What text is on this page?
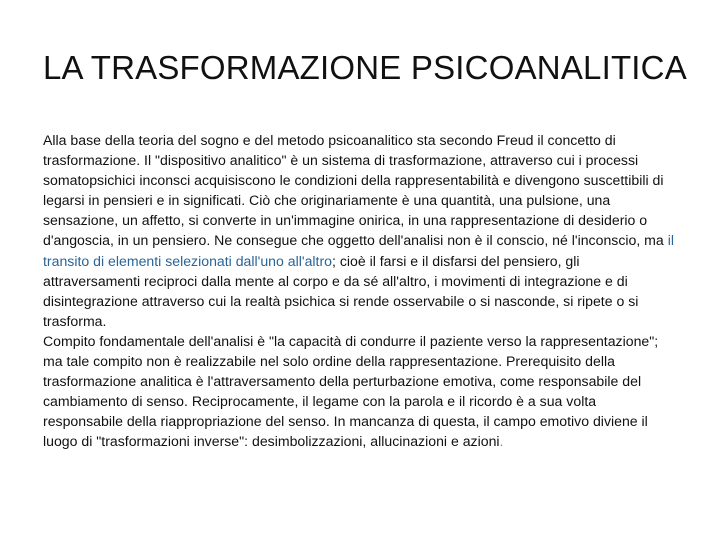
LA TRASFORMAZIONE PSICOANALITICA

Alla base della teoria del sogno e del metodo psicoanalitico sta secondo Freud il concetto di trasformazione. Il "dispositivo analitico" è un sistema di trasformazione, attraverso cui i processi somatopsichici inconsci acquisiscono le condizioni della rappresentabilità e divengono suscettibili di legarsi in pensieri e in significati. Ciò che originariamente è una quantità, una pulsione, una sensazione, un affetto, si converte in un'immagine onirica, in una rappresentazione di desiderio o d'angoscia, in un pensiero. Ne consegue che oggetto dell'analisi non è il conscio, né l'inconscio, ma il transito di elementi selezionati dall'uno all'altro; cioè il farsi e il disfarsi del pensiero, gli attraversamenti reciproci dalla mente al corpo e da sé all'altro, i movimenti di integrazione e di disintegrazione attraverso cui la realtà psichica si rende osservabile o si nasconde, si ripete o si trasforma.

Compito fondamentale dell'analisi è "la capacità di condurre il paziente verso la rappresentazione"; ma tale compito non è realizzabile nel solo ordine della rappresentazione. Prerequisito della trasformazione analitica è l'attraversamento della perturbazione emotiva, come responsabile del cambiamento di senso. Reciprocamente, il legame con la parola e il ricordo è a sua volta responsabile della riappropriazione del senso. In mancanza di questa, il campo emotivo diviene il luogo di "trasformazioni inverse": desimbolizzazioni, allucinazioni e azioni.
